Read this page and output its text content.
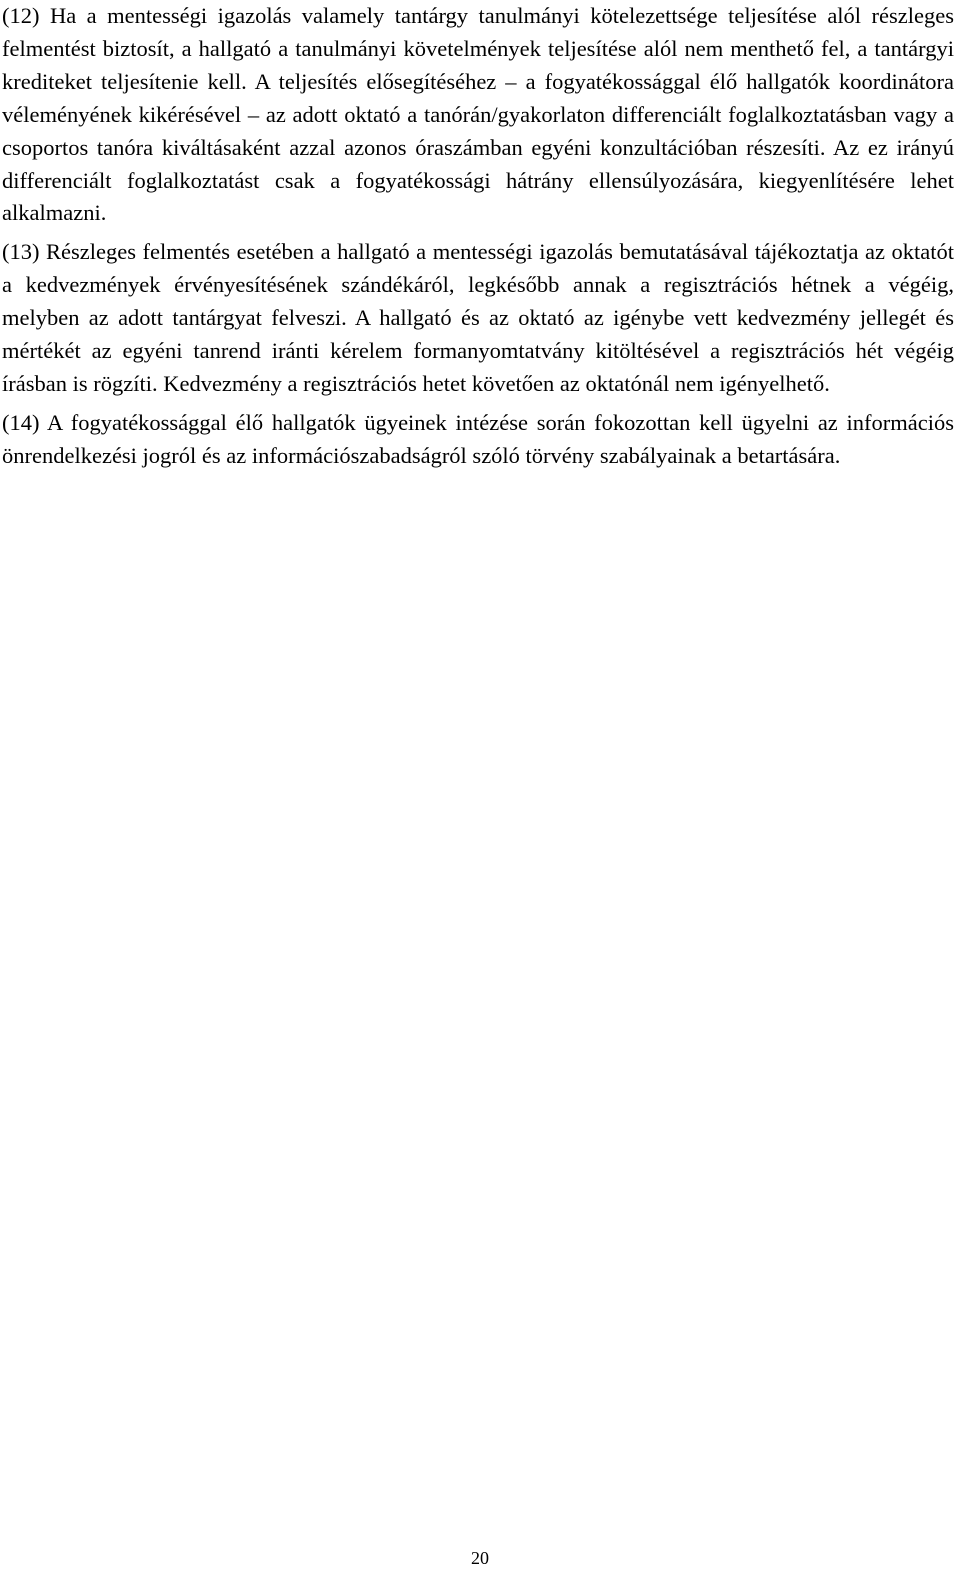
(12) Ha a mentességi igazolás valamely tantárgy tanulmányi kötelezettsége teljesítése alól részleges felmentést biztosít, a hallgató a tanulmányi követelmények teljesítése alól nem menthető fel, a tantárgyi krediteket teljesítenie kell. A teljesítés elősegítéséhez – a fogyatékossággal élő hallgatók koordinátora véleményének kikérésével – az adott oktató a tanórán/gyakorlaton differenciált foglalkoztatásban vagy a csoportos tanóra kiváltásaként azzal azonos óraszámban egyéni konzultációban részesíti. Az ez irányú differenciált foglalkoztatást csak a fogyatékossági hátrány ellensúlyozására, kiegyenlítésére lehet alkalmazni.

(13) Részleges felmentés esetében a hallgató a mentességi igazolás bemutatásával tájékoztatja az oktatót a kedvezmények érvényesítésének szándékáról, legkésőbb annak a regisztrációs hétnek a végéig, melyben az adott tantárgyat felveszi. A hallgató és az oktató az igénybe vett kedvezmény jellegét és mértékét az egyéni tanrend iránti kérelem formanyomtatvány kitöltésével a regisztrációs hét végéig írásban is rögzíti. Kedvezmény a regisztrációs hetet követően az oktatónál nem igényelhető.

(14) A fogyatékossággal élő hallgatók ügyeinek intézése során fokozottan kell ügyelni az információs önrendelkezési jogról és az információszabadságról szóló törvény szabályainak a betartására.

20
